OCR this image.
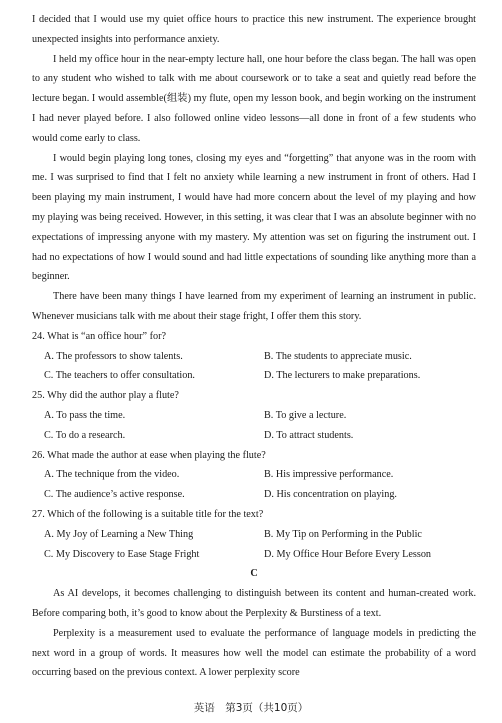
I decided that I would use my quiet office hours to practice this new instrument. The experience brought unexpected insights into performance anxiety.

I held my office hour in the near-empty lecture hall, one hour before the class began. The hall was open to any student who wished to talk with me about coursework or to take a seat and quietly read before the lecture began. I would assemble(组装) my flute, open my lesson book, and begin working on the instrument I had never played before. I also followed online video lessons—all done in front of a few students who would come early to class.

I would begin playing long tones, closing my eyes and “forgetting” that anyone was in the room with me. I was surprised to find that I felt no anxiety while learning a new instrument in front of others. Had I been playing my main instrument, I would have had more concern about the level of my playing and how my playing was being received. However, in this setting, it was clear that I was an absolute beginner with no expectations of impressing anyone with my mastery. My attention was set on figuring the instrument out. I had no expectations of how I would sound and had little expectations of sounding like anything more than a beginner.

There have been many things I have learned from my experiment of learning an instrument in public. Whenever musicians talk with me about their stage fright, I offer them this story.

24. What is “an office hour” for?

A. The professors to show talents.	B. The students to appreciate music.
C. The teachers to offer consultation.	D. The lecturers to make preparations.

25. Why did the author play a flute?

A. To pass the time.	B. To give a lecture.
C. To do a research.	D. To attract students.

26. What made the author at ease when playing the flute?

A. The technique from the video.	B. His impressive performance.
C. The audience’s active response.	D. His concentration on playing.

27. Which of the following is a suitable title for the text?

A. My Joy of Learning a New Thing	B. My Tip on Performing in the Public
C. My Discovery to Ease Stage Fright	D. My Office Hour Before Every Lesson

C

As AI develops, it becomes challenging to distinguish between its content and human-created work. Before comparing both, it’s good to know about the Perplexity & Burstiness of a text.

Perplexity is a measurement used to evaluate the performance of language models in predicting the next word in a group of words. It measures how well the model can estimate the probability of a word occurring based on the previous context. A lower perplexity score

英语　第3页（共10页）
